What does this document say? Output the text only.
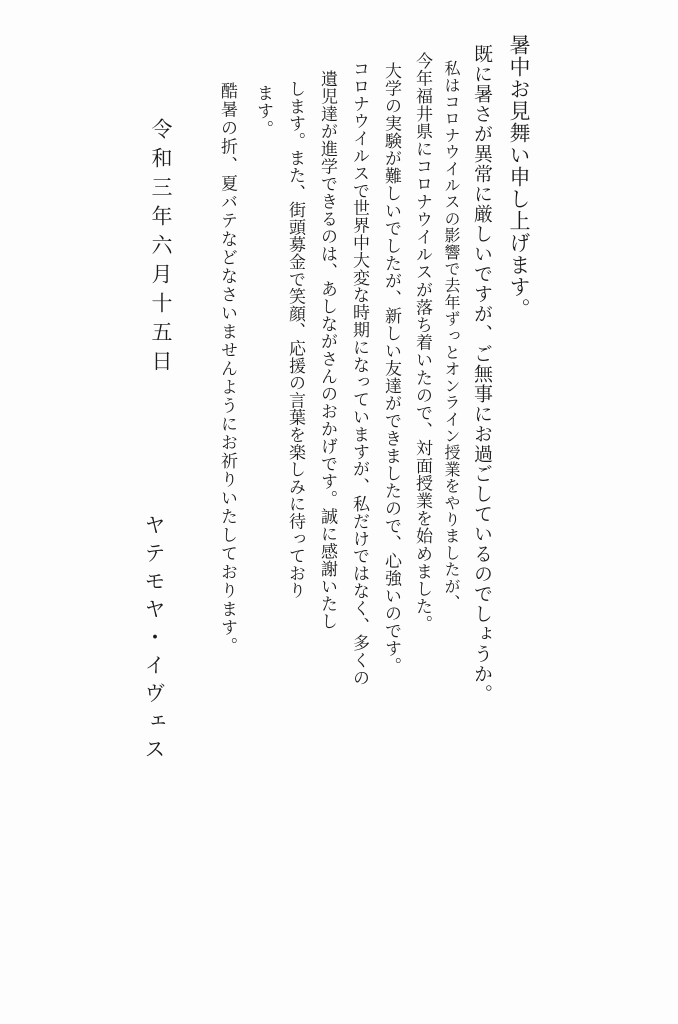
暑中お見舞い申し上げます。
既に暑さが異常に厳しいですが、ご無事にお過ごしているのでしょうか。
私はコロナウイルスの影響で去年ずっとオンライン授業をやりましたが、
今年福井県にコロナウイルスが落ち着いたので、対面授業を始めました。
大学の実験が難しいでしたが、新しい友達ができましたので、心強いのです。
コロナウイルスで世界中大変な時期になっていますが、私だけではなく、多くの
遺児達が進学できるのは、あしながさんのおかげです。誠に感謝いたし
します。また、街頭募金で笑顔、応援の言葉を楽しみに待っており
ます。
酷暑の折、夏バテなどなさいませんようにお祈りいたしております。
令和三年六月十五日
ヤテモヤ・イヴェス
